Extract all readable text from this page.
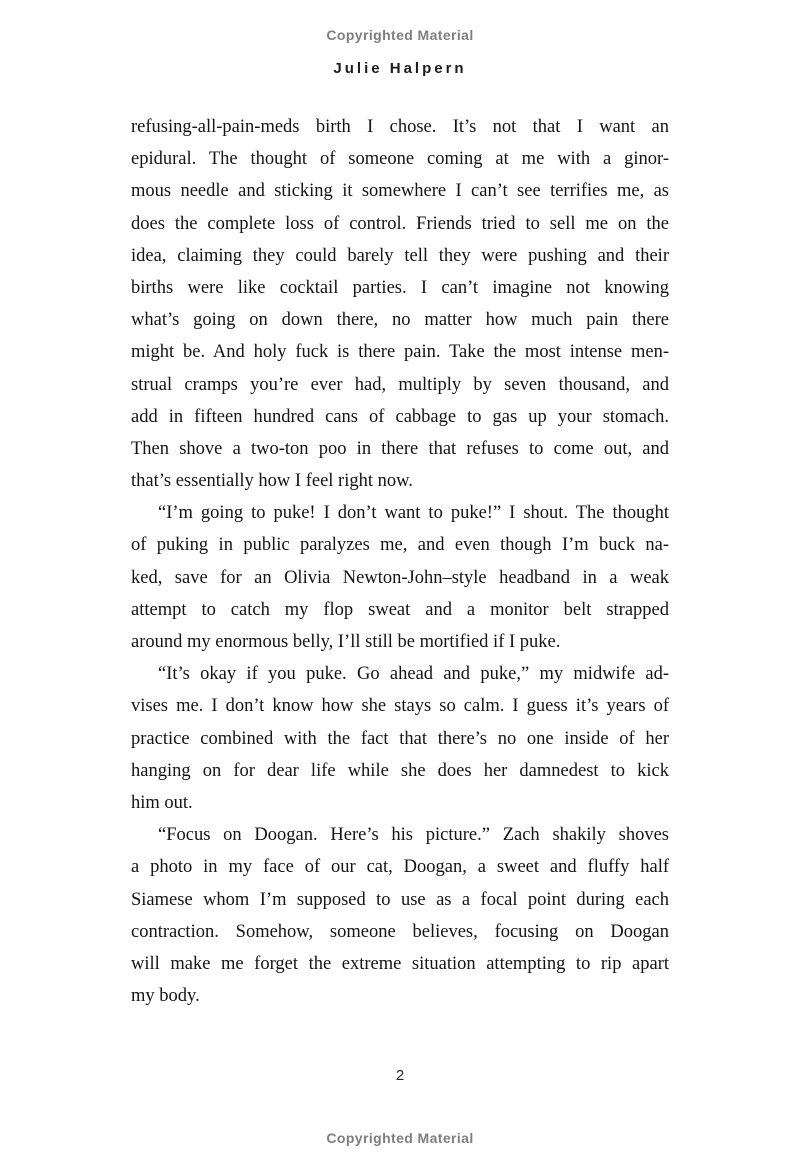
Copyrighted Material
Julie Halpern
refusing-all-pain-meds birth I chose. It’s not that I want an
epidural. The thought of someone coming at me with a ginor-
mous needle and sticking it somewhere I can’t see terrifies me, as
does the complete loss of control. Friends tried to sell me on the
idea, claiming they could barely tell they were pushing and their
births were like cocktail parties. I can’t imagine not knowing
what’s going on down there, no matter how much pain there
might be. And holy fuck is there pain. Take the most intense men-
strual cramps you’re ever had, multiply by seven thousand, and
add in fifteen hundred cans of cabbage to gas up your stomach.
Then shove a two-ton poo in there that refuses to come out, and
that’s essentially how I feel right now.
“I’m going to puke! I don’t want to puke!” I shout. The thought
of puking in public paralyzes me, and even though I’m buck na-
ked, save for an Olivia Newton-John–style headband in a weak
attempt to catch my flop sweat and a monitor belt strapped
around my enormous belly, I’ll still be mortified if I puke.
“It’s okay if you puke. Go ahead and puke,” my midwife ad-
vises me. I don’t know how she stays so calm. I guess it’s years of
practice combined with the fact that there’s no one inside of her
hanging on for dear life while she does her damnedest to kick
him out.
“Focus on Doogan. Here’s his picture.” Zach shakily shoves
a photo in my face of our cat, Doogan, a sweet and fluffy half
Siamese whom I’m supposed to use as a focal point during each
contraction. Somehow, someone believes, focusing on Doogan
will make me forget the extreme situation attempting to rip apart
my body.
2
Copyrighted Material
